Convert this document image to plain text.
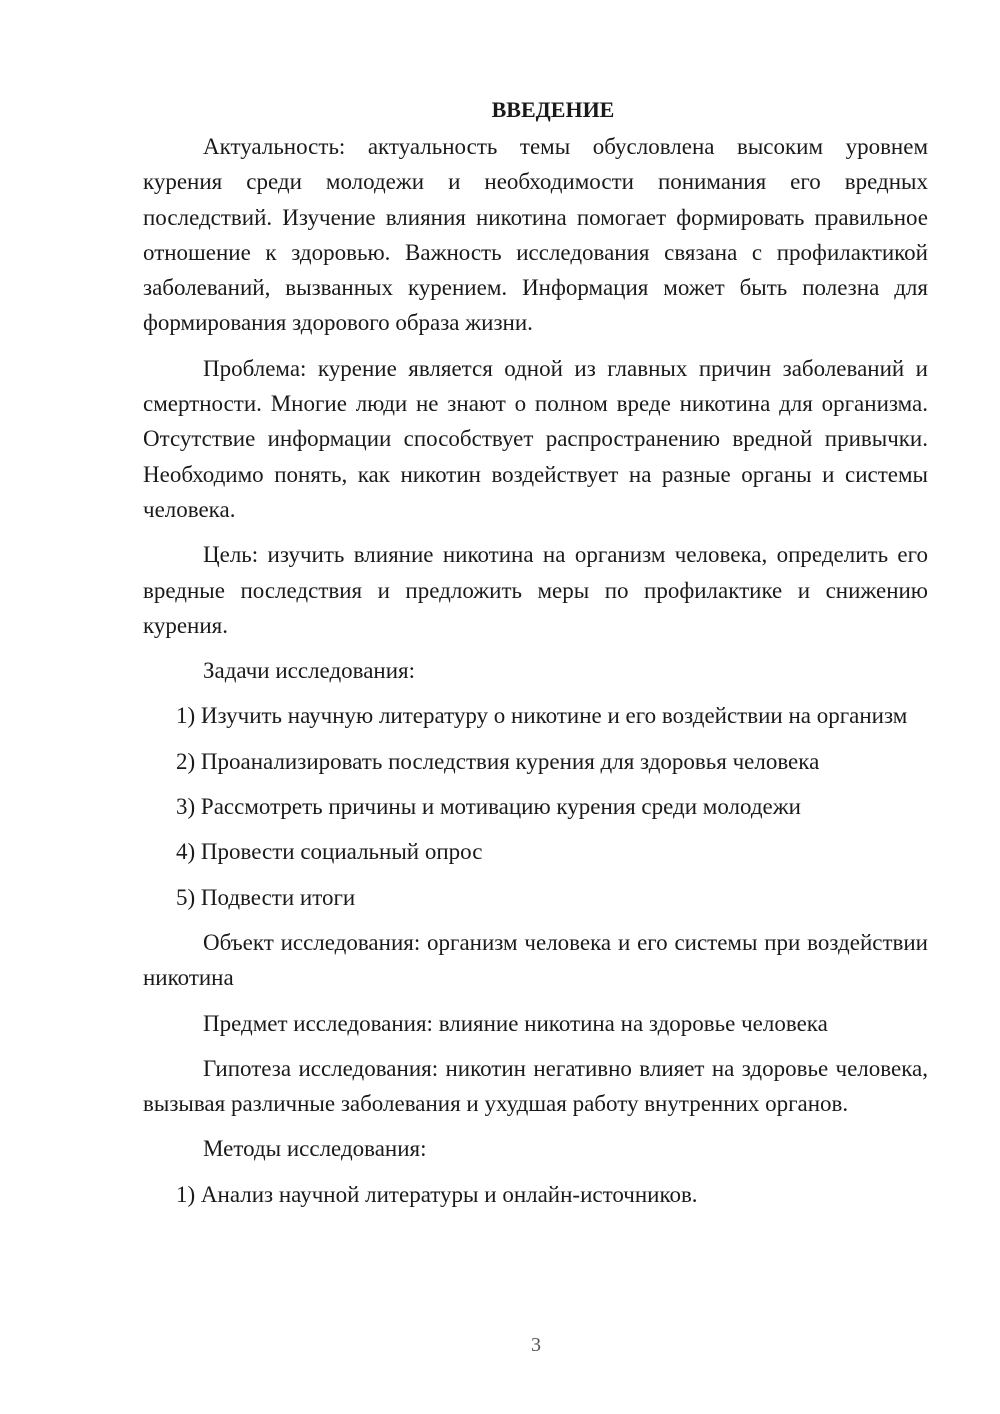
ВВЕДЕНИЕ

Актуальность: актуальность темы обусловлена высоким уровнем курения среди молодежи и необходимости понимания его вредных последствий. Изучение влияния никотина помогает формировать правильное отношение к здоровью. Важность исследования связана с профилактикой заболеваний, вызванных курением. Информация может быть полезна для формирования здорового образа жизни.

Проблема: курение является одной из главных причин заболеваний и смертности. Многие люди не знают о полном вреде никотина для организма. Отсутствие информации способствует распространению вредной привычки. Необходимо понять, как никотин воздействует на разные органы и системы человека.

Цель: изучить влияние никотина на организм человека, определить его вредные последствия и предложить меры по профилактике и снижению курения.

Задачи исследования:

1) Изучить научную литературу о никотине и его воздействии на организм

2) Проанализировать последствия курения для здоровья человека

3) Рассмотреть причины и мотивацию курения среди молодежи

4) Провести социальный опрос

5) Подвести итоги

Объект исследования: организм человека и его системы при воздействии никотина

Предмет исследования: влияние никотина на здоровье человека

Гипотеза исследования: никотин негативно влияет на здоровье человека, вызывая различные заболевания и ухудшая работу внутренних органов.

Методы исследования:

1) Анализ научной литературы и онлайн-источников.

3
